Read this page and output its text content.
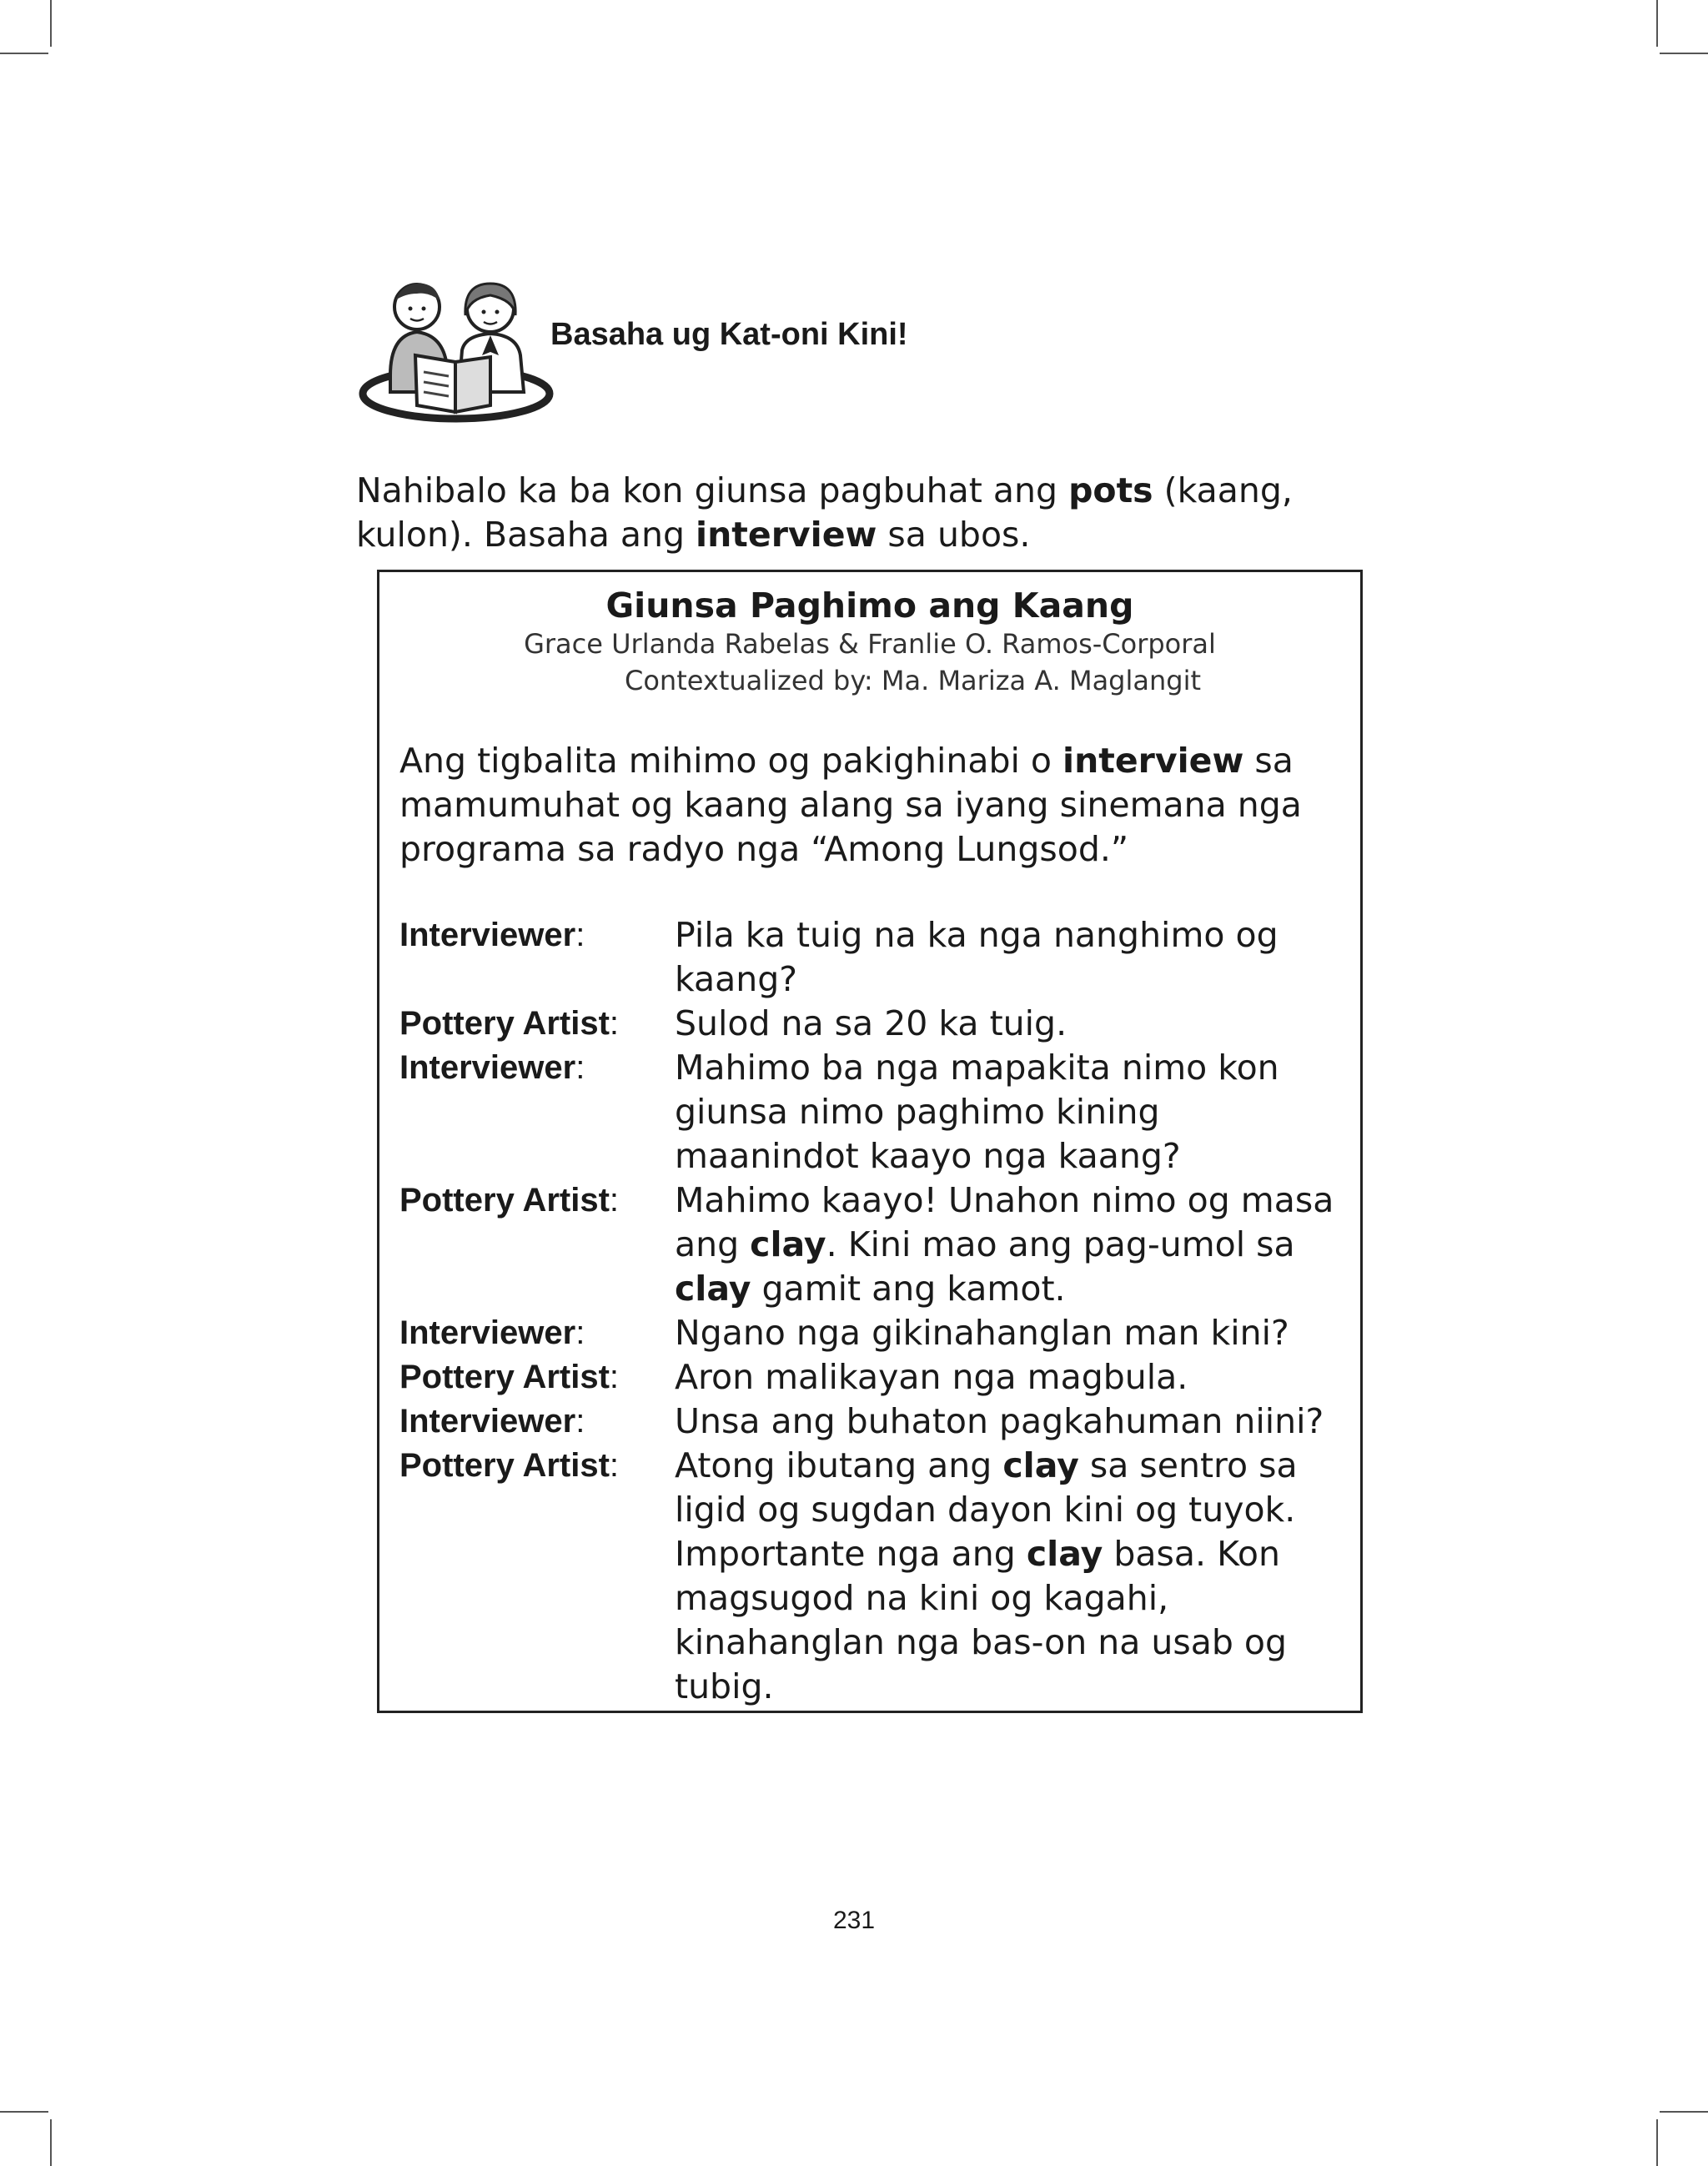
Basaha ug Kat-oni Kini!

Nahibalo ka ba kon giunsa pagbuhat ang pots (kaang, kulon). Basaha ang interview sa ubos.

Giunsa Paghimo ang Kaang
Grace Urlanda Rabelas & Franlie O. Ramos-Corporal
Contextualized by: Ma. Mariza A. Maglangit

Ang tigbalita mihimo og pakighinabi o interview sa mamumuhat og kaang alang sa iyang sinemana nga programa sa radyo nga “Among Lungsod.”

Interviewer:	Pila ka tuig na ka nga nanghimo og kaang?
Pottery Artist:	Sulod na sa 20 ka tuig.
Interviewer:	Mahimo ba nga mapakita nimo kon giunsa nimo paghimo kining maanindot kaayo nga kaang?
Pottery Artist:	Mahimo kaayo! Unahon nimo og masa ang clay. Kini mao ang pag-umol sa clay gamit ang kamot.
Interviewer:	Ngano nga gikinahanglan man kini?
Pottery Artist:	Aron malikayan nga magbula.
Interviewer:	Unsa ang buhaton pagkahuman niini?
Pottery Artist:	Atong ibutang ang clay sa sentro sa ligid og sugdan dayon kini og tuyok. Importante nga ang clay basa. Kon magsugod na kini og kagahi, kinahanglan nga bas-on na usab og tubig.
231
